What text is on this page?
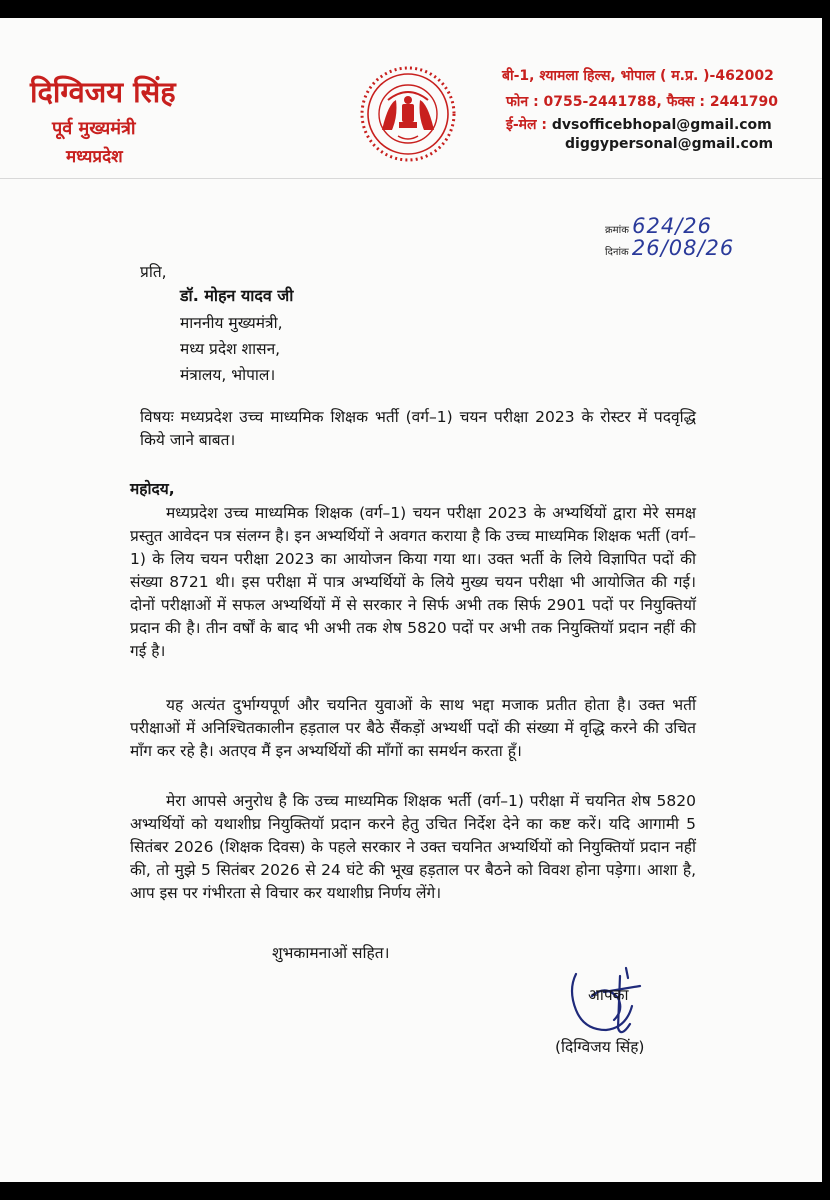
दिग्विजय सिंह
पूर्व मुख्यमंत्री
मध्यप्रदेश
बी-1, श्यामला हिल्स, भोपाल ( म.प्र. )-462002
फोन : 0755-2441788, फैक्स : 2441790
ई-मेल : dvsofficebhopal@gmail.com
diggypersonal@gmail.com
क्रमांक 624/26
दिनांक 26/08/26
प्रति,
डॉ. मोहन यादव जी
माननीय मुख्यमंत्री,
मध्य प्रदेश शासन,
मंत्रालय, भोपाल।
विषयः मध्यप्रदेश उच्च माध्यमिक शिक्षक भर्ती (वर्ग–1) चयन परीक्षा 2023 के रोस्टर में पदवृद्धि किये जाने बाबत।
महोदय,
मध्यप्रदेश उच्च माध्यमिक शिक्षक (वर्ग–1) चयन परीक्षा 2023 के अभ्यर्थियों द्वारा मेरे समक्ष प्रस्तुत आवेदन पत्र संलग्न है। इन अभ्यर्थियों ने अवगत कराया है कि उच्च माध्यमिक शिक्षक भर्ती (वर्ग–1) के लिय चयन परीक्षा 2023 का आयोजन किया गया था। उक्त भर्ती के लिये विज्ञापित पदों की संख्या 8721 थी। इस परीक्षा में पात्र अभ्यर्थियों के लिये मुख्य चयन परीक्षा भी आयोजित की गई। दोनों परीक्षाओं में सफल अभ्यर्थियों में से सरकार ने सिर्फ अभी तक सिर्फ 2901 पदों पर नियुक्तियॉ प्रदान की है। तीन वर्षों के बाद भी अभी तक शेष 5820 पदों पर अभी तक नियुक्तियॉ प्रदान नहीं की गई है।
यह अत्यंत दुर्भाग्यपूर्ण और चयनित युवाओं के साथ भद्दा मजाक प्रतीत होता है। उक्त भर्ती परीक्षाओं में अनिश्चितकालीन हड़ताल पर बैठे सैंकड़ों अभ्यर्थी पदों की संख्या में वृद्धि करने की उचित मॉंग कर रहे है। अतएव मैं इन अभ्यर्थियों की मॉंगों का समर्थन करता हूँ।
मेरा आपसे अनुरोध है कि उच्च माध्यमिक शिक्षक भर्ती (वर्ग–1) परीक्षा में चयनित शेष 5820 अभ्यर्थियों को यथाशीघ्र नियुक्तियॉ प्रदान करने हेतु उचित निर्देश देने का कष्ट करें। यदि आगामी 5 सितंबर 2026 (शिक्षक दिवस) के पहले सरकार ने उक्त चयनित अभ्यर्थियों को नियुक्तियॉ प्रदान नहीं की, तो मुझे 5 सितंबर 2026 से 24 घंटे की भूख हड़ताल पर बैठने को विवश होना पड़ेगा। आशा है, आप इस पर गंभीरता से विचार कर यथाशीघ्र निर्णय लेंगे।
शुभकामनाओं सहित।
आपका
(दिग्विजय सिंह)
